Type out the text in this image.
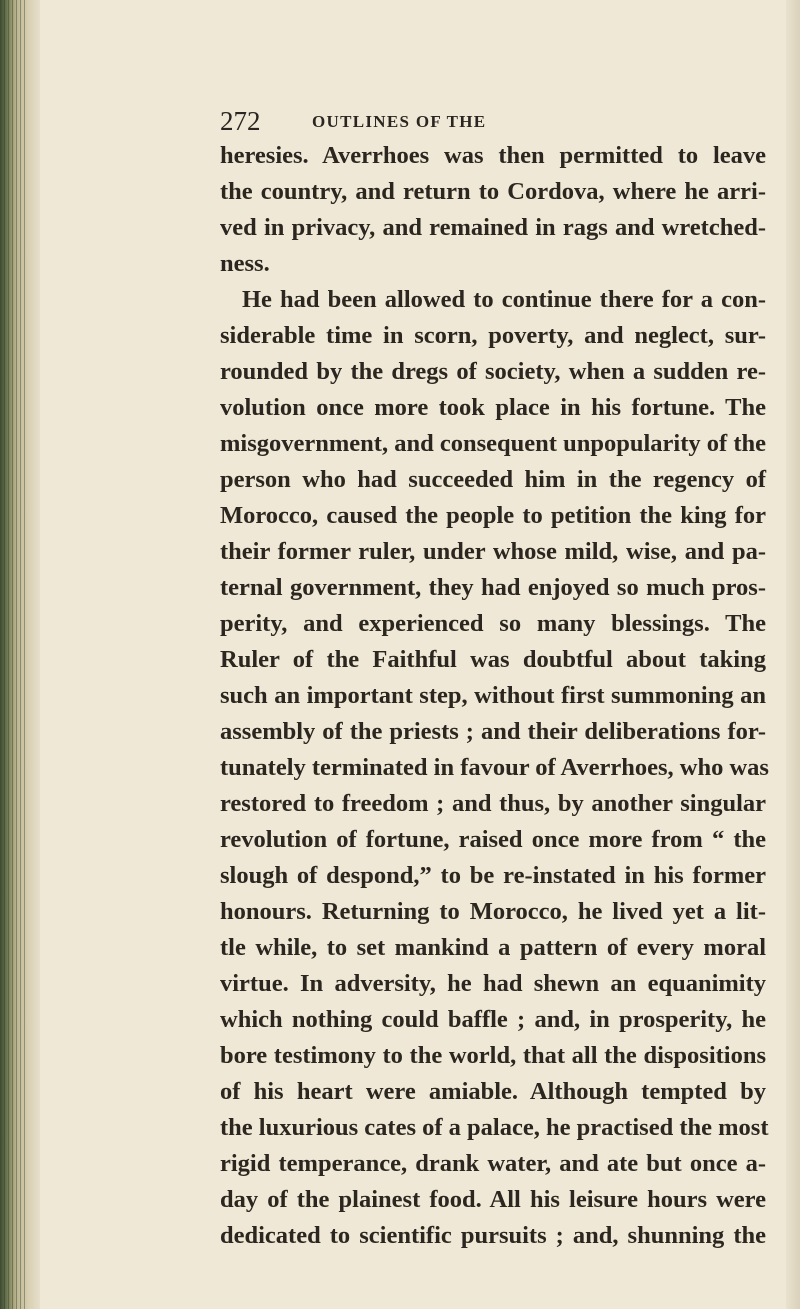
272	OUTLINES OF THE
heresies. Averrhoes was then permitted to leave
the country, and return to Cordova, where he arri-
ved in privacy, and remained in rags and wretched-
ness.
He had been allowed to continue there for a con-
siderable time in scorn, poverty, and neglect, sur-
rounded by the dregs of society, when a sudden re-
volution once more took place in his fortune. The
misgovernment, and consequent unpopularity of the
person who had succeeded him in the regency of
Morocco, caused the people to petition the king for
their former ruler, under whose mild, wise, and pa-
ternal government, they had enjoyed so much pros-
perity, and experienced so many blessings. The
Ruler of the Faithful was doubtful about taking
such an important step, without first summoning an
assembly of the priests ; and their deliberations for-
tunately terminated in favour of Averrhoes, who was
restored to freedom ; and thus, by another singular
revolution of fortune, raised once more from “ the
slough of despond,” to be re-instated in his former
honours. Returning to Morocco, he lived yet a lit-
tle while, to set mankind a pattern of every moral
virtue. In adversity, he had shewn an equanimity
which nothing could baffle ; and, in prosperity, he
bore testimony to the world, that all the dispositions
of his heart were amiable. Although tempted by
the luxurious cates of a palace, he practised the most
rigid temperance, drank water, and ate but once a-
day of the plainest food. All his leisure hours were
dedicated to scientific pursuits ; and, shunning the
